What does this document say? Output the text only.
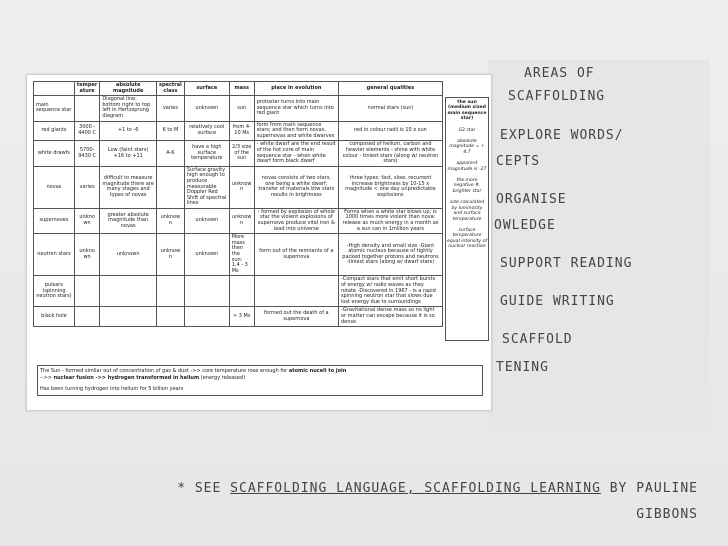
AREAS OF
SCAFFOLDING
EXPLORE WORDS/
CEPTS
ORGANISE
OWLEDGE
SUPPORT READING
GUIDE WRITING
SCAFFOLD
TENING
	temper ature	absolute magnitude	spectral class	surface	mass	place in evolution	general qualities
main sequence star		Diagonal line; bottom right to top left in Hertzsprung diagram	varies	unknown	sun	protostar turns into main sequence star which turns into red giant	normal stars (sun)
red giants	3000 - 4400 C	+1 to -6	K to M	relatively cool surface	from 4-10 Ms	form from main sequence stars; and then form novas, supernovas and white dwarves	red in colour radii is 10 x sun
white drawfs	5700-9430 C	Low (faint stars) +16 to +11	A-K	have a high surface temperature	2/3 size of the sun	- white dwarf are the end result of the hot core of main sequence star - when white dwarf form black dwarf	composed of helium, carbon and heavier elements - shine with white colour - tiniest stars (along w/ neutron stars)
novas	varies	difficult to measure magnitude there are many stages and types of novas		Surface gravity high enough to produce measurable Doppler Red Shift of spectral lines	unknow n	novas consists of two stars, one being a white dwarf; transfer of materials btw stars results in brightness	three types: fast, slow, recurrent increase brightness by 10-15 x magnitude < one day unpredictable explosions
supernoves	unkno wn	greater absolute magnitude than novas	unknow n	unknown	unknow n	- formed by explosion of whole star the violent explosions of supernova produce vital iron & lead into universe	Forms when a white star blows up; is 1000 times more violent than nova: release as much energy in a month as a sun can in 1million years
neutron stars	unkno wn	unknown	unknow n	unknown	More mass then the sun: 1.4 - 3 Ms	form out of the remnants of a supernova	-High density and small size -Giant atomic nucleus because of tightly packed together protons and neutrons -tiniest stars (along w/ dwarf stars)
pulsars (spinning neutron stars)							-Compact stars that emit short bursts of energy w/ radio waves as they rotate -Discovered in 1967 - is a rapid spinning neutron star that slows due lost energy due to surroundings
black hole					> 3 Ms	formed out the death of a supernova	-Gravitational dense mass so no light or matter can escape because it is so dense
the sun (medium sized main sequence star)
G2 star
absolute magnitude = + 4.7
apparent magnitude is -27
the more negative #, brighter star
size calculated by luminosity and surface temperature
surface temperature equal intensity of nuclear reaction
The Sun - formed similar out of concentration of gas & dust ->> core temperature rose enough for atomic nuceli to join
-->> nuclear fusion ->> hydrogen transformed in helium (energy released)
Has been turning hydrogen into helium for 5 billion years
* SEE SCAFFOLDING LANGUAGE, SCAFFOLDING LEARNING BY PAULINE
GIBBONS
